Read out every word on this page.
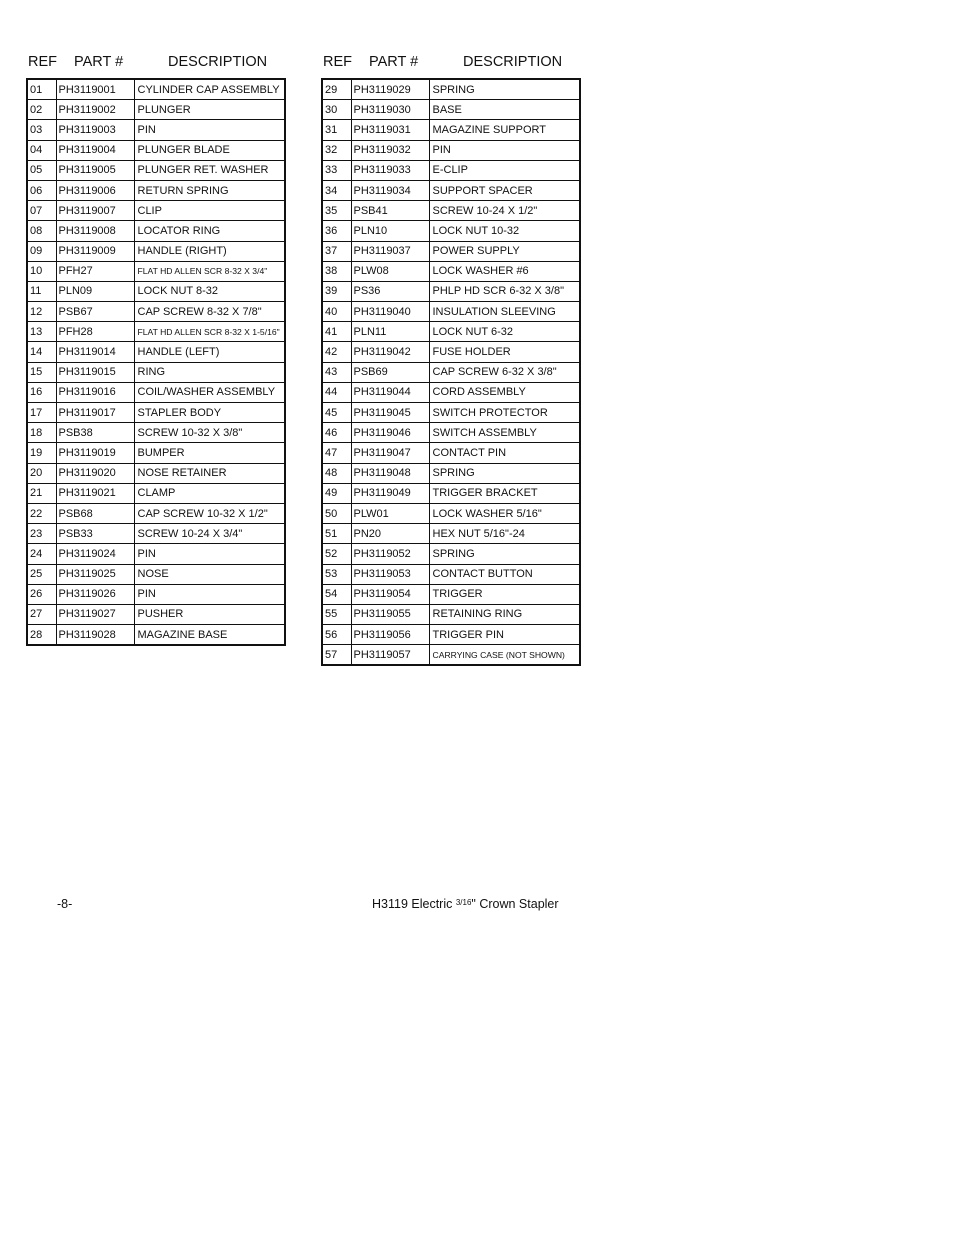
REF PART #	DESCRIPTION
01	PH3119001	CYLINDER CAP ASSEMBLY
02	PH3119002	PLUNGER
03	PH3119003	PIN
04	PH3119004	PLUNGER BLADE
05	PH3119005	PLUNGER RET. WASHER
06	PH3119006	RETURN SPRING
07	PH3119007	CLIP
08	PH3119008	LOCATOR RING
09	PH3119009	HANDLE (RIGHT)
10	PFH27	FLAT HD ALLEN SCR 8-32 X 3/4"
11	PLN09	LOCK NUT 8-32
12	PSB67	CAP SCREW 8-32 X 7/8"
13	PFH28	FLAT HD ALLEN SCR 8-32 X 1-5/16"
14	PH3119014	HANDLE (LEFT)
15	PH3119015	RING
16	PH3119016	COIL/WASHER ASSEMBLY
17	PH3119017	STAPLER BODY
18	PSB38	SCREW 10-32 X 3/8"
19	PH3119019	BUMPER
20	PH3119020	NOSE RETAINER
21	PH3119021	CLAMP
22	PSB68	CAP SCREW 10-32 X 1/2"
23	PSB33	SCREW 10-24 X 3/4"
24	PH3119024	PIN
25	PH3119025	NOSE
26	PH3119026	PIN
27	PH3119027	PUSHER
28	PH3119028	MAGAZINE BASE
REF PART #	DESCRIPTION
29	PH3119029	SPRING
30	PH3119030	BASE
31	PH3119031	MAGAZINE SUPPORT
32	PH3119032	PIN
33	PH3119033	E-CLIP
34	PH3119034	SUPPORT SPACER
35	PSB41	SCREW 10-24 X 1/2"
36	PLN10	LOCK NUT 10-32
37	PH3119037	POWER SUPPLY
38	PLW08	LOCK WASHER #6
39	PS36	PHLP HD SCR 6-32 X 3/8"
40	PH3119040	INSULATION SLEEVING
41	PLN11	LOCK NUT 6-32
42	PH3119042	FUSE HOLDER
43	PSB69	CAP SCREW 6-32 X 3/8"
44	PH3119044	CORD ASSEMBLY
45	PH3119045	SWITCH PROTECTOR
46	PH3119046	SWITCH ASSEMBLY
47	PH3119047	CONTACT PIN
48	PH3119048	SPRING
49	PH3119049	TRIGGER BRACKET
50	PLW01	LOCK WASHER 5/16"
51	PN20	HEX NUT 5/16"-24
52	PH3119052	SPRING
53	PH3119053	CONTACT BUTTON
54	PH3119054	TRIGGER
55	PH3119055	RETAINING RING
56	PH3119056	TRIGGER PIN
57	PH3119057	CARRYING CASE (NOT SHOWN)
-8-	H3119 Electric $^{3/16}$" Crown Stapler
